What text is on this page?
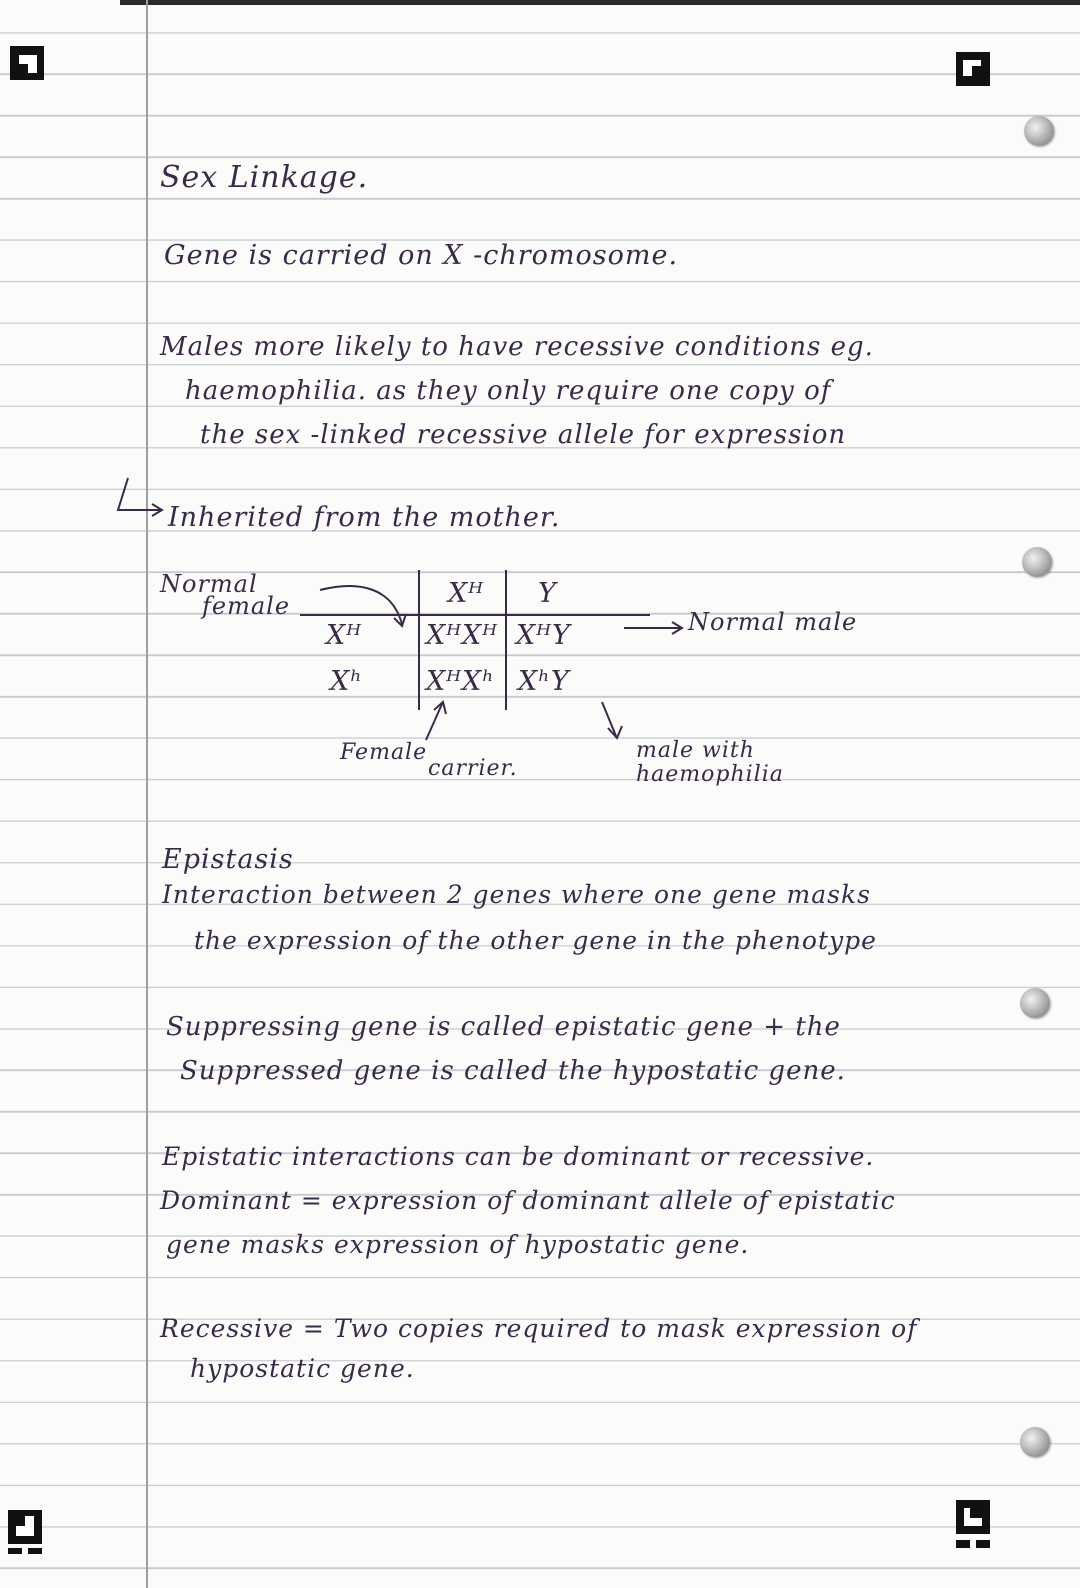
Sex Linkage.
Gene is carried on X -chromosome.
Males more likely to have recessive conditions eg.
haemophilia. as they only require one copy of
the sex -linked recessive allele for expression
Inherited from the mother.
Normal
female	Xᴴ Y
Xᴴ
Xʰ
XᴴXᴴ XᴴY
XᴴXʰ XʰY
Normal male
Female
carrier.
male with
haemophilia
Epistasis
Interaction between 2 genes where one gene masks
the expression of the other gene in the phenotype
Suppressing gene is called epistatic gene + the
Suppressed gene is called the hypostatic gene.
Epistatic interactions can be dominant or recessive.
Dominant = expression of dominant allele of epistatic
gene masks expression of hypostatic gene.
Recessive = Two copies required to mask expression of
hypostatic gene.
